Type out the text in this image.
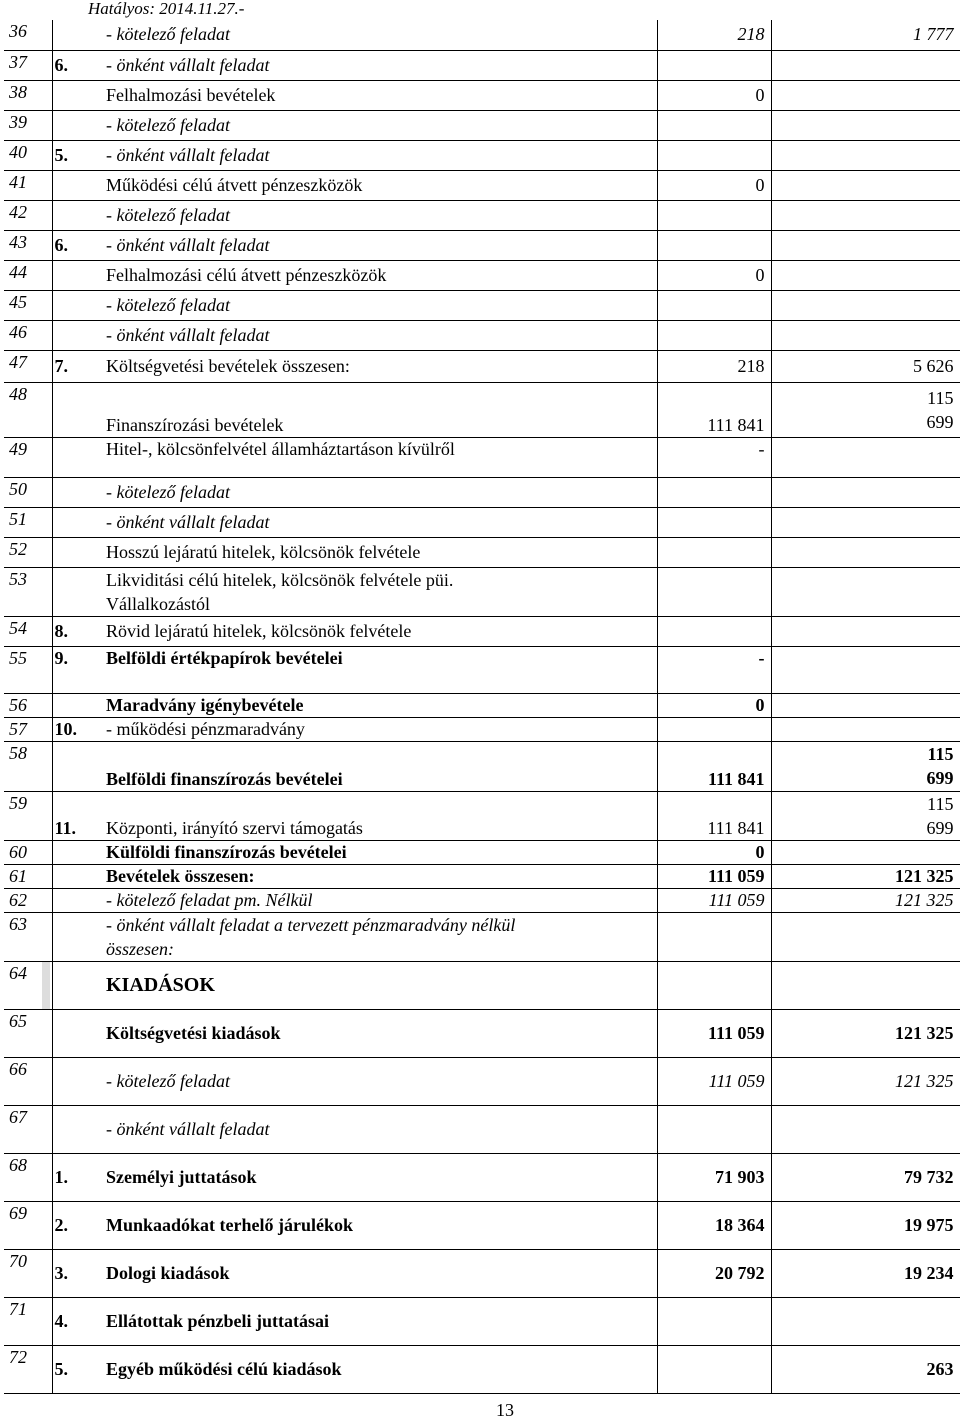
Hatályos: 2014.11.27.-
36		- kötelező feladat	218	1 777
37	6.	- önként vállalt feladat		
38		Felhalmozási bevételek	0	
39		- kötelező feladat		
40	5.	- önként vállalt feladat		
41		Működési célú átvett pénzeszközök	0	
42		- kötelező feladat		
43	6.	- önként vállalt feladat		
44		Felhalmozási célú átvett pénzeszközök	0	
45		- kötelező feladat		
46		- önként vállalt feladat		
47	7.	Költségvetési bevételek összesen:	218	5 626
48		Finanszírozási bevételek	111 841	115
699
49		Hitel-, kölcsönfelvétel államháztartáson kívülről	-	
50		- kötelező feladat		
51		- önként vállalt feladat		
52		Hosszú lejáratú hitelek, kölcsönök felvétele		
53		Likviditási célú hitelek, kölcsönök felvétele püi.
Vállalkozástól		
54	8.	Rövid lejáratú hitelek, kölcsönök felvétele		
55	9.	Belföldi értékpapírok bevételei	-	
56		Maradvány igénybevétele	0	
57	10.	- működési pénzmaradvány		
58		Belföldi finanszírozás bevételei	111 841	115
699
59	11.	Központi, irányító szervi támogatás	111 841	115
699
60		Külföldi finanszírozás bevételei	0	
61		Bevételek összesen:	111 059	121 325
62		- kötelező feladat pm. Nélkül	111 059	121 325
63		- önként vállalt feladat a tervezett pénzmaradvány nélkül
összesen:		
64		KIADÁSOK		
65		Költségvetési kiadások	111 059	121 325
66		- kötelező feladat	111 059	121 325
67		- önként vállalt feladat		
68	1.	Személyi juttatások	71 903	79 732
69	2.	Munkaadókat terhelő járulékok	18 364	19 975
70	3.	Dologi kiadások	20 792	19 234
71	4.	Ellátottak pénzbeli juttatásai		
72	5.	Egyéb működési célú kiadások		263
13
